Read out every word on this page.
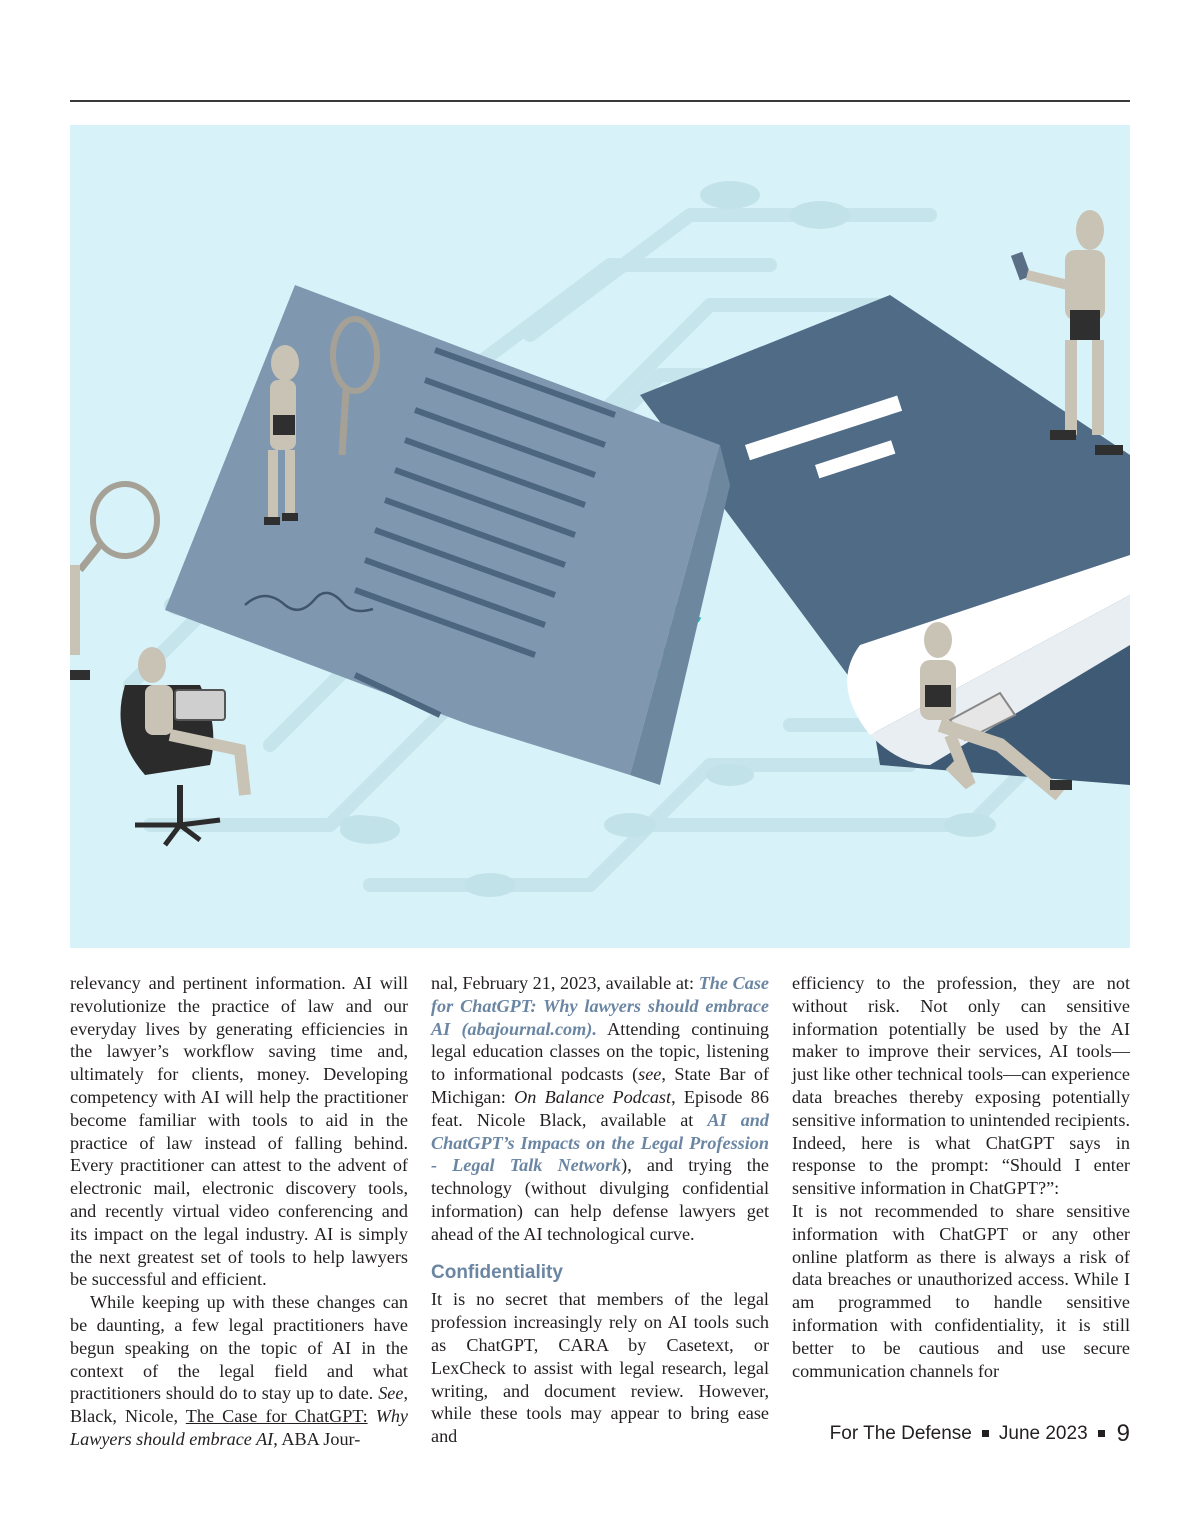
relevancy and pertinent information. AI will revolutionize the practice of law and our everyday lives by generating efficiencies in the lawyer’s workflow saving time and, ultimately for clients, money. Developing competency with AI will help the practitioner become familiar with tools to aid in the practice of law instead of falling behind. Every practitioner can attest to the advent of electronic mail, electronic discovery tools, and recently virtual video conferencing and its impact on the legal industry. AI is simply the next greatest set of tools to help lawyers be successful and efficient.

While keeping up with these changes can be daunting, a few legal practitioners have begun speaking on the topic of AI in the context of the legal field and what practitioners should do to stay up to date. See, Black, Nicole, The Case for ChatGPT: Why Lawyers should embrace AI, ABA Jour-

nal, February 21, 2023, available at: The Case for ChatGPT: Why lawyers should embrace AI (abajournal.com). Attending continuing legal education classes on the topic, listening to informational podcasts (see, State Bar of Michigan: On Balance Podcast, Episode 86 feat. Nicole Black, available at AI and ChatGPT’s Impacts on the Legal Profession - Legal Talk Network), and trying the technology (without divulging confidential information) can help defense lawyers get ahead of the AI technological curve.

Confidentiality

It is no secret that members of the legal profession increasingly rely on AI tools such as ChatGPT, CARA by Casetext, or LexCheck to assist with legal research, legal writing, and document review. However, while these tools may appear to bring ease and

efficiency to the profession, they are not without risk. Not only can sensitive information potentially be used by the AI maker to improve their services, AI tools—just like other technical tools—can experience data breaches thereby exposing potentially sensitive information to unintended recipients. Indeed, here is what ChatGPT says in response to the prompt: “Should I enter sensitive information in ChatGPT?”:

It is not recommended to share sensitive information with ChatGPT or any other online platform as there is always a risk of data breaches or unauthorized access. While I am programmed to handle sensitive information with confidentiality, it is still better to be cautious and use secure communication channels for

For The Defense June 2023 9
